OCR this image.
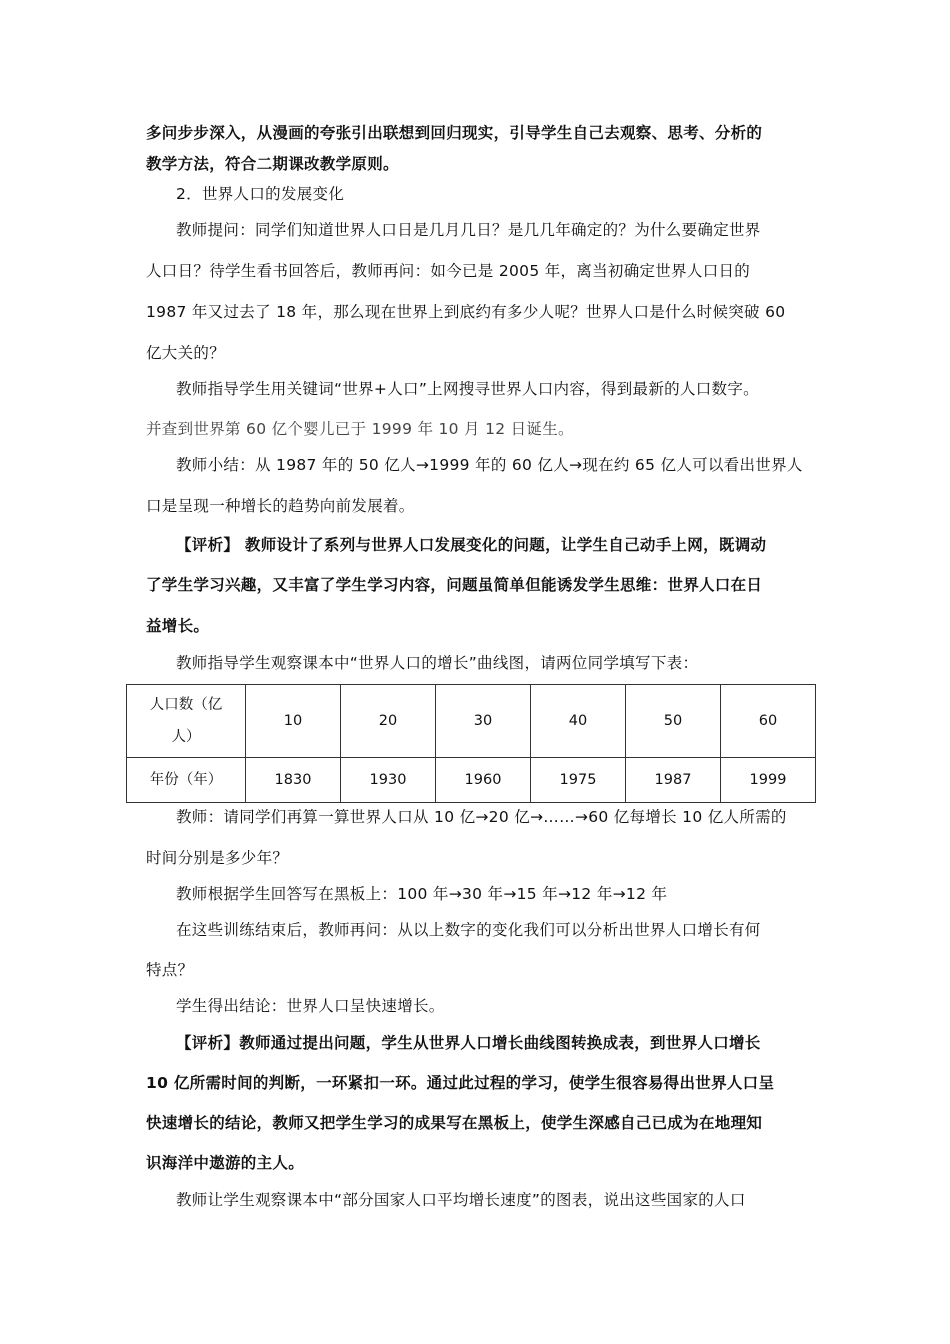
多问步步深入，从漫画的夸张引出联想到回归现实，引导学生自己去观察、思考、分析的
教学方法，符合二期课改教学原则。
2．世界人口的发展变化
教师提问：同学们知道世界人口日是几月几日？是几几年确定的？为什么要确定世界
人口日？待学生看书回答后，教师再问：如今已是 2005 年，离当初确定世界人口日的
1987 年又过去了 18 年，那么现在世界上到底约有多少人呢？世界人口是什么时候突破 60
亿大关的？
教师指导学生用关键词“世界+人口”上网搜寻世界人口内容，得到最新的人口数字。
并查到世界第 60 亿个婴儿已于 1999 年 10 月 12 日诞生。
教师小结：从 1987 年的 50 亿人→1999 年的 60 亿人→现在约 65 亿人可以看出世界人
口是呈现一种增长的趋势向前发展着。
【评析】 教师设计了系列与世界人口发展变化的问题，让学生自己动手上网，既调动
了学生学习兴趣，又丰富了学生学习内容，问题虽简单但能诱发学生思维：世界人口在日
益增长。
教师指导学生观察课本中“世界人口的增长”曲线图，请两位同学填写下表：
人口数（亿
人）	10	20	30	40	50	60
年份（年）	1830	1930	1960	1975	1987	1999
教师：请同学们再算一算世界人口从 10 亿→20 亿→……→60 亿每增长 10 亿人所需的
时间分别是多少年？
教师根据学生回答写在黑板上：100 年→30 年→15 年→12 年→12 年
在这些训练结束后，教师再问：从以上数字的变化我们可以分析出世界人口增长有何
特点？
学生得出结论：世界人口呈快速增长。
【评析】教师通过提出问题，学生从世界人口增长曲线图转换成表，到世界人口增长
10 亿所需时间的判断，一环紧扣一环。通过此过程的学习，使学生很容易得出世界人口呈
快速增长的结论，教师又把学生学习的成果写在黑板上，使学生深感自己已成为在地理知
识海洋中遨游的主人。
教师让学生观察课本中“部分国家人口平均增长速度”的图表，说出这些国家的人口
